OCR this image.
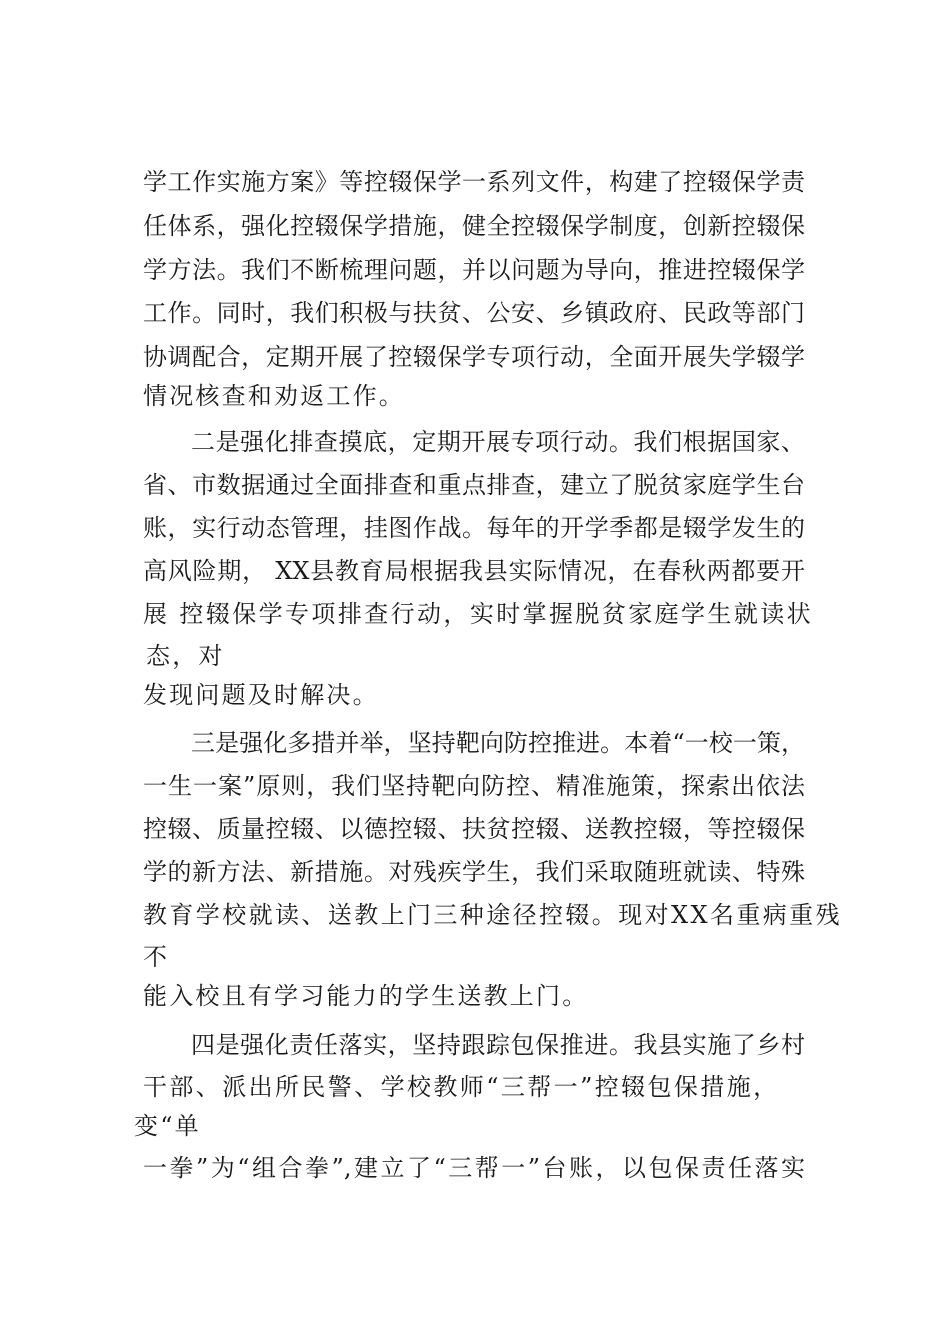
学工作实施方案》等控辍保学一系列文件，构建了控辍保学责
任体系，强化控辍保学措施，健全控辍保学制度，创新控辍保
学方法。我们不断梳理问题，并以问题为导向，推进控辍保学
工作。同时，我们积极与扶贫、公安、乡镇政府、民政等部门
协调配合，定期开展了控辍保学专项行动，全面开展失学辍学
情况核查和劝返工作。
二是强化排查摸底，定期开展专项行动。我们根据国家、
省、市数据通过全面排查和重点排查，建立了脱贫家庭学生台
账，实行动态管理，挂图作战。每年的开学季都是辍学发生的
高风险期， XX县教育局根据我县实际情况，在春秋两都要开
展 控辍保学专项排查行动，实时掌握脱贫家庭学生就读状
态，对
发现问题及时解决。
三是强化多措并举，坚持靶向防控推进。本着“一校一策，
一生一案”原则，我们坚持靶向防控、精准施策，探索出依法
控辍、质量控辍、以德控辍、扶贫控辍、送教控辍，等控辍保
学的新方法、新措施。对残疾学生，我们采取随班就读、特殊
教育学校就读、送教上门三种途径控辍。现对XX名重病重残
不
能入校且有学习能力的学生送教上门。
四是强化责任落实，坚持跟踪包保推进。我县实施了乡村
干部、派出所民警、学校教师“三帮一”控辍包保措施，
变“单
一拳”为“组合拳”,建立了“三帮一”台账，以包保责任落实
